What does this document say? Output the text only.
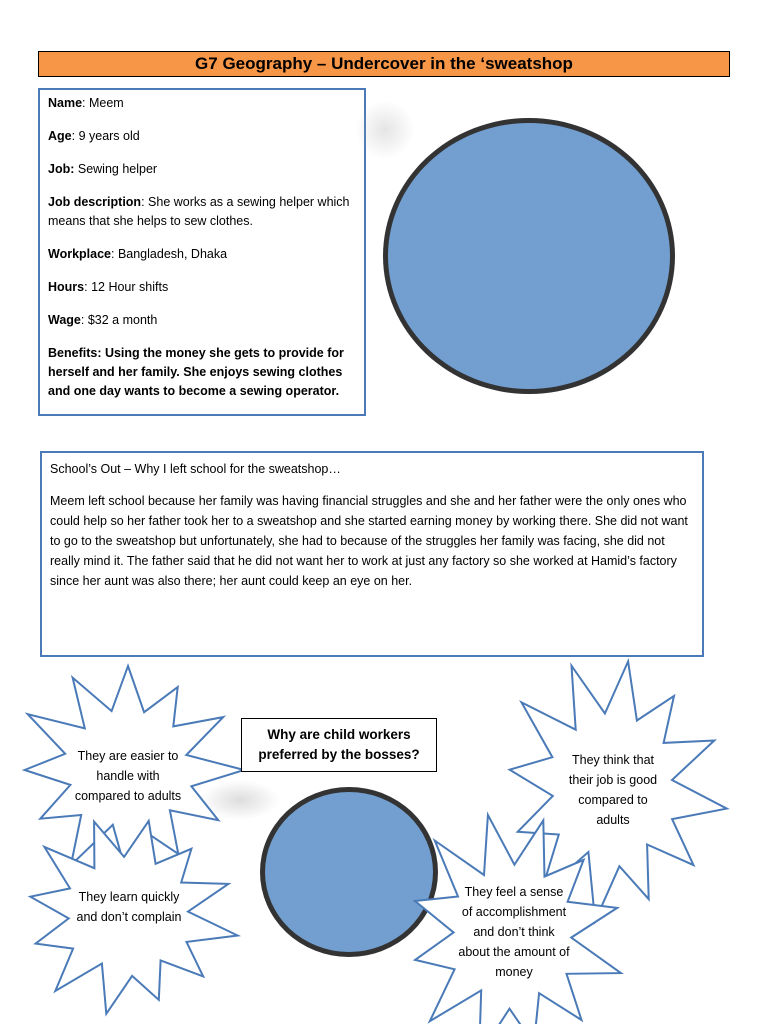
G7 Geography – Undercover in the ‘sweatshop

Name: Meem

Age: 9 years old

Job: Sewing helper

Job description: She works as a sewing helper which means that she helps to sew clothes.

Workplace: Bangladesh, Dhaka

Hours: 12 Hour shifts

Wage: $32 a month

Benefits: Using the money she gets to provide for herself and her family. She enjoys sewing clothes and one day wants to become a sewing operator.

School’s Out – Why I left school for the sweatshop…

Meem left school because her family was having financial struggles and she and her father were the only ones who could help so her father took her to a sweatshop and she started earning money by working there. She did not want to go to the sweatshop but unfortunately, she had to because of the struggles her family was facing, she did not really mind it. The father said that he did not want her to work at just any factory so she worked at Hamid’s factory since her aunt was also there; her aunt could keep an eye on her.

Why are child workers preferred by the bosses?
They are easier to handle with compared to adults
They learn quickly and don’t complain
They think that their job is good compared to adults
They feel a sense of accomplishment and don’t think about the amount of money
